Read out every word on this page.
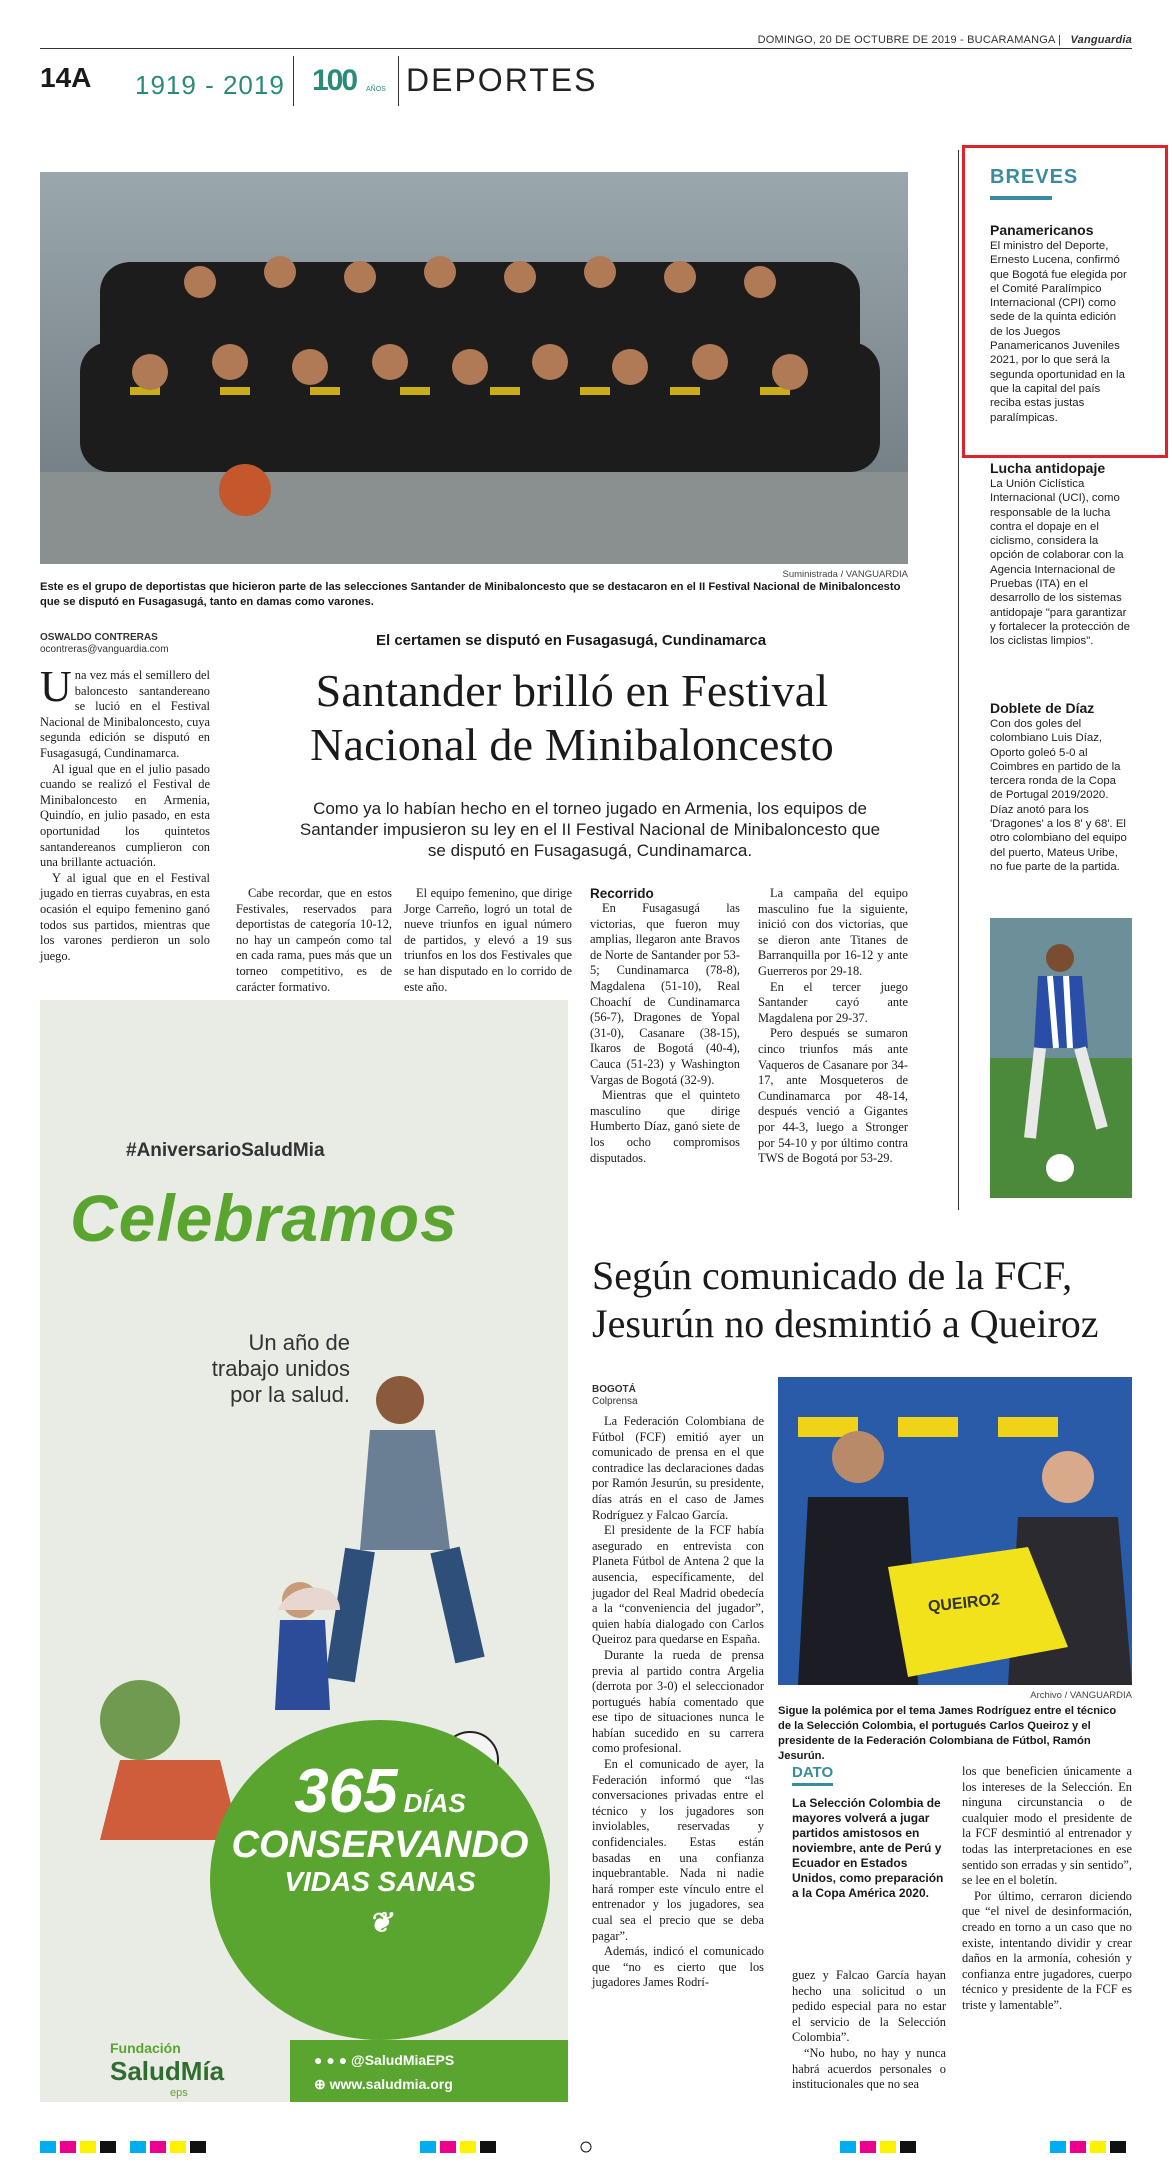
DOMINGO, 20 DE OCTUBRE DE 2019 - BUCARAMANGA | Vanguardia
14A 1919 - 2019 100 AÑOS DEPORTES
Suministrada / VANGUARDIA
Este es el grupo de deportistas que hicieron parte de las selecciones Santander de Minibaloncesto que se destacaron en el II Festival Nacional de Minibaloncesto que se disputó en Fusagasugá, tanto en damas como varones.
OSWALDO CONTRERAS
ocontreras@vanguardia.com
El certamen se disputó en Fusagasugá, Cundinamarca
Santander brilló en Festival
Nacional de Minibaloncesto
Como ya lo habían hecho en el torneo jugado en Armenia, los equipos de Santander impusieron su ley en el II Festival Nacional de Minibaloncesto que se disputó en Fusagasugá, Cundinamarca.

Una vez más el semillero del baloncesto santandereano se lució en el Festival Nacional de Minibaloncesto, cuya segunda edición se disputó en Fusagasugá, Cundinamarca.

Al igual que en el julio pasado cuando se realizó el Festival de Minibaloncesto en Armenia, Quindío, en julio pasado, en esta oportunidad los quintetos santandereanos cumplieron con una brillante actuación.

Y al igual que en el Festival jugado en tierras cuyabras, en esta ocasión el equipo femenino ganó todos sus partidos, mientras que los varones perdieron un solo juego.

Cabe recordar, que en estos Festivales, reservados para deportistas de categoría 10-12, no hay un campeón como tal en cada rama, pues más que un torneo competitivo, es de carácter formativo.

El equipo femenino, que dirige Jorge Carreño, logró un total de nueve triunfos en igual número de partidos, y elevó a 19 sus triunfos en los dos Festivales que se han disputado en lo corrido de este año.

Recorrido

En Fusagasugá las victorias, que fueron muy amplias, llegaron ante Bravos de Norte de Santander por 53-5; Cundinamarca (78-8), Magdalena (51-10), Real Choachí de Cundinamarca (56-7), Dragones de Yopal (31-0), Casanare (38-15), Ikaros de Bogotá (40-4), Cauca (51-23) y Washington Vargas de Bogotá (32-9).

Mientras que el quinteto masculino que dirige Humberto Díaz, ganó siete de los ocho compromisos disputados.

La campaña del equipo masculino fue la siguiente, inició con dos victorias, que se dieron ante Titanes de Barranquilla por 16-12 y ante Guerreros por 29-18.

En el tercer juego Santander cayó ante Magdalena por 29-37.

Pero después se sumaron cinco triunfos más ante Vaqueros de Casanare por 34-17, ante Mosqueteros de Cundinamarca por 48-14, después venció a Gigantes por 44-3, luego a Stronger por 54-10 y por último contra TWS de Bogotá por 53-29.

BREVES
Panamericanos
El ministro del Deporte, Ernesto Lucena, confirmó que Bogotá fue elegida por el Comité Paralímpico Internacional (CPI) como sede de la quinta edición de los Juegos Panamericanos Juveniles 2021, por lo que será la segunda oportunidad en la que la capital del país reciba estas justas paralímpicas.
Lucha antidopaje
La Unión Ciclística Internacional (UCI), como responsable de la lucha contra el dopaje en el ciclismo, considera la opción de colaborar con la Agencia Internacional de Pruebas (ITA) en el desarrollo de los sistemas antidopaje "para garantizar y fortalecer la protección de los ciclistas limpios".
Doblete de Díaz
Con dos goles del colombiano Luis Díaz, Oporto goleó 5-0 al Coimbres en partido de la tercera ronda de la Copa de Portugal 2019/2020. Díaz anotó para los 'Dragones' a los 8' y 68'. El otro colombiano del equipo del puerto, Mateus Uribe, no fue parte de la partida.
#AniversarioSaludMia
Celebramos
Un año de
trabajo unidos
por la salud.
365 DÍAS
CONSERVANDO
VIDAS SANAS
❦
Fundación
SaludMía
eps
● ● ● @SaludMiaEPS
⊕ www.saludmia.org
Según comunicado de la FCF,
Jesurún no desmintió a Queiroz
BOGOTÁ
Colprensa
QUEIRO2
Archivo / VANGUARDIA
Sigue la polémica por el tema James Rodríguez entre el técnico de la Selección Colombia, el portugués Carlos Queiroz y el presidente de la Federación Colombiana de Fútbol, Ramón Jesurún.

La Federación Colombiana de Fútbol (FCF) emitió ayer un comunicado de prensa en el que contradice las declaraciones dadas por Ramón Jesurún, su presidente, días atrás en el caso de James Rodríguez y Falcao García.

El presidente de la FCF había asegurado en entrevista con Planeta Fútbol de Antena 2 que la ausencia, específicamente, del jugador del Real Madrid obedecía a la “conveniencia del jugador”, quien había dialogado con Carlos Queiroz para quedarse en España.

Durante la rueda de prensa previa al partido contra Argelia (derrota por 3-0) el seleccionador portugués había comentado que ese tipo de situaciones nunca le habían sucedido en su carrera como profesional.

En el comunicado de ayer, la Federación informó que “las conversaciones privadas entre el técnico y los jugadores son inviolables, reservadas y confidenciales. Estas están basadas en una confianza inquebrantable. Nada ni nadie hará romper este vínculo entre el entrenador y los jugadores, sea cual sea el precio que se deba pagar”.

Además, indicó el comunicado que “no es cierto que los jugadores James Rodrí-

DATO
La Selección Colombia de mayores volverá a jugar partidos amistosos en noviembre, ante de Perú y Ecuador en Estados Unidos, como preparación a la Copa América 2020.

guez y Falcao García hayan hecho una solicitud o un pedido especial para no estar el servicio de la Selección Colombia”.

“No hubo, no hay y nunca habrá acuerdos personales o institucionales que no sea

los que beneficien únicamente a los intereses de la Selección. En ninguna circunstancia o de cualquier modo el presidente de la FCF desmintió al entrenador y todas las interpretaciones en ese sentido son erradas y sin sentido”, se lee en el boletín.

Por último, cerraron diciendo que “el nivel de desinformación, creado en torno a un caso que no existe, intentando dividir y crear daños en la armonía, cohesión y confianza entre jugadores, cuerpo técnico y presidente de la FCF es triste y lamentable”.
